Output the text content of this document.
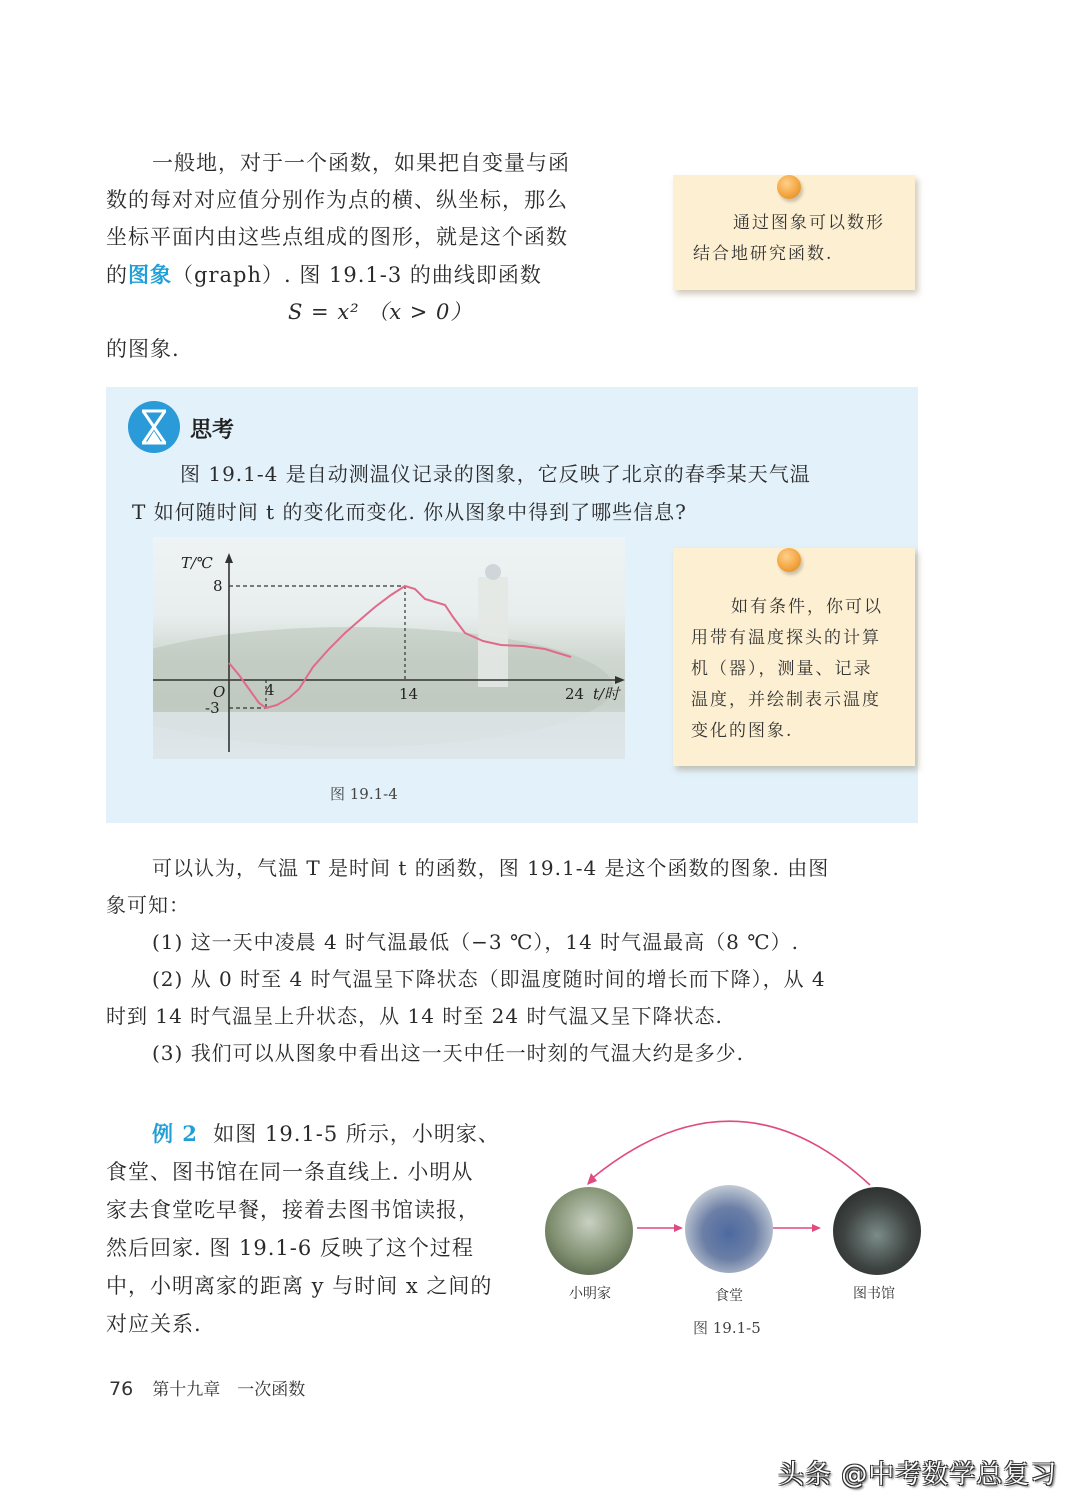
一般地，对于一个函数，如果把自变量与函
数的每对对应值分别作为点的横、纵坐标，那么
坐标平面内由这些点组成的图形，就是这个函数
的图象（graph）. 图 19.1-3 的曲线即函数
S = x² （x > 0）
的图象.
通过图象可以数形
结合地研究函数.
思考
图 19.1-4 是自动测温仪记录的图象，它反映了北京的春季某天气温
T 如何随时间 t 的变化而变化. 你从图象中得到了哪些信息?
图 19.1-4
T/℃
8
-3
O	4	14	24 t/时
如有条件，你可以
用带有温度探头的计算
机（器），测量、记录
温度，并绘制表示温度
变化的图象.
可以认为，气温 T 是时间 t 的函数，图 19.1-4 是这个函数的图象. 由图
象可知：
(1) 这一天中凌晨 4 时气温最低（−3 ℃），14 时气温最高（8 ℃）.
(2) 从 0 时至 4 时气温呈下降状态（即温度随时间的增长而下降），从 4
时到 14 时气温呈上升状态，从 14 时至 24 时气温又呈下降状态.
(3) 我们可以从图象中看出这一天中任一时刻的气温大约是多少.
例 2 如图 19.1-5 所示，小明家、
食堂、图书馆在同一条直线上. 小明从
家去食堂吃早餐，接着去图书馆读报，
然后回家. 图 19.1-6 反映了这个过程
中，小明离家的距离 y 与时间 x 之间的
对应关系.
小明家	食堂	图书馆
图 19.1-5
76 第十九章　一次函数
头条 @中考数学总复习
